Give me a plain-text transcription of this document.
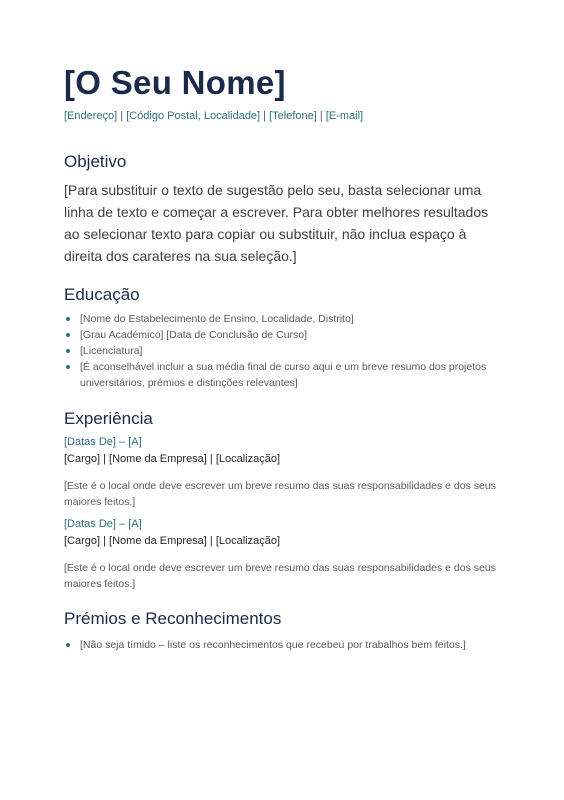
[O Seu Nome]
[Endereço] | [Código Postal, Localidade] | [Telefone] | [E-mail]
Objetivo
[Para substituir o texto de sugestão pelo seu, basta selecionar uma linha de texto e começar a escrever. Para obter melhores resultados ao selecionar texto para copiar ou substituir, não inclua espaço à direita dos carateres na sua seleção.]
Educação
[Nome do Estabelecimento de Ensino, Localidade, Distrito]
[Grau Académico] [Data de Conclusão de Curso]
[Licenciatura]
[É aconselhável incluir a sua média final de curso aqui e um breve resumo dos projetos universitários, prémios e distinções relevantes]
Experiência
[Datas De] – [A]
[Cargo] | [Nome da Empresa] | [Localização]
[Este é o local onde deve escrever um breve resumo das suas responsabilidades e dos seus maiores feitos.]
[Datas De] – [A]
[Cargo] | [Nome da Empresa] | [Localização]
[Este é o local onde deve escrever um breve resumo das suas responsabilidades e dos seus maiores feitos.]
Prémios e Reconhecimentos
[Não seja tímido – liste os reconhecimentos que recebeu por trabalhos bem feitos.]
